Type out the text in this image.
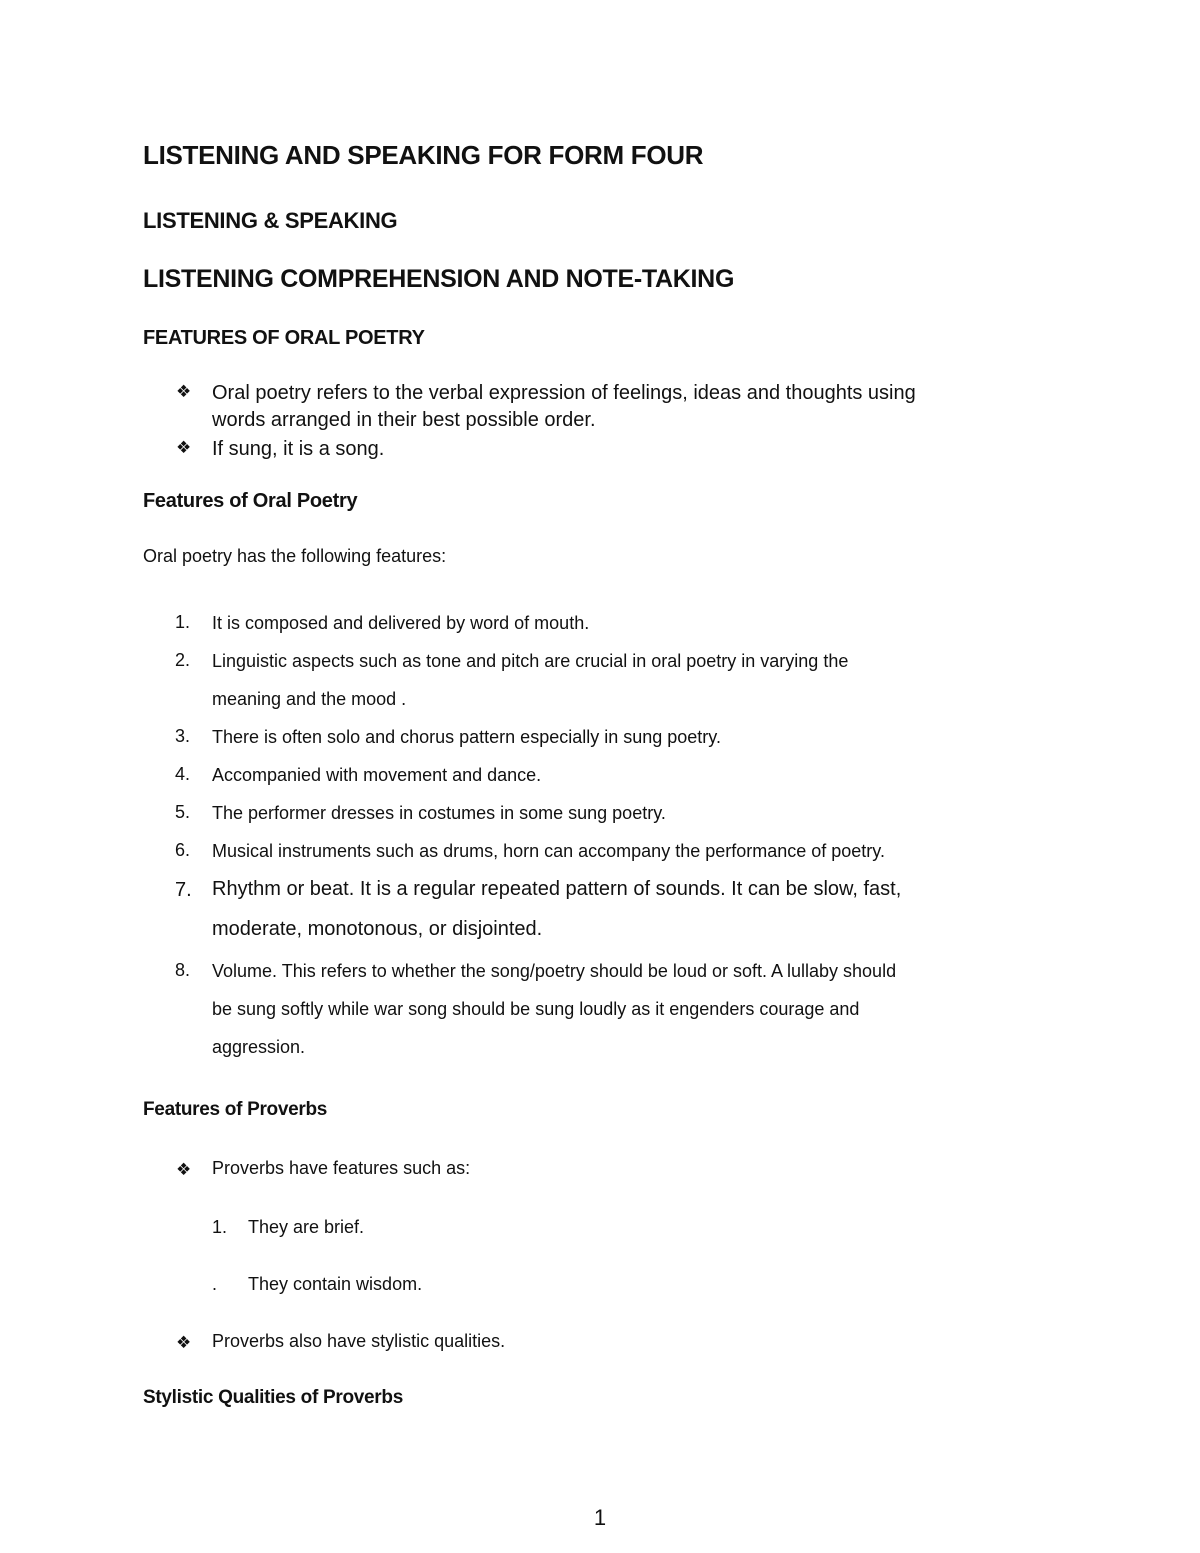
LISTENING AND SPEAKING FOR FORM FOUR
LISTENING & SPEAKING
LISTENING COMPREHENSION AND NOTE-TAKING
FEATURES OF ORAL POETRY
❖	Oral poetry refers to the verbal expression of feelings, ideas and thoughts using
words arranged in their best possible order.
❖	If sung, it is a song.
Features of Oral Poetry
Oral poetry has the following features:
1. It is composed and delivered by word of mouth.
2. Linguistic aspects such as tone and pitch are crucial in oral poetry in varying the
meaning and the mood .
3. There is often solo and chorus pattern especially in sung poetry.
4. Accompanied with movement and dance.
5. The performer dresses in costumes in some sung poetry.
6. Musical instruments such as drums, horn can accompany the performance of poetry.
7. Rhythm or beat. It is a regular repeated pattern of sounds. It can be slow, fast,
moderate, monotonous, or disjointed.
8. Volume. This refers to whether the song/poetry should be loud or soft. A lullaby should
be sung softly while war song should be sung loudly as it engenders courage and
aggression.
Features of Proverbs
❖	Proverbs have features such as:
1. They are brief.
. They contain wisdom.
❖	Proverbs also have stylistic qualities.
Stylistic Qualities of Proverbs
1
